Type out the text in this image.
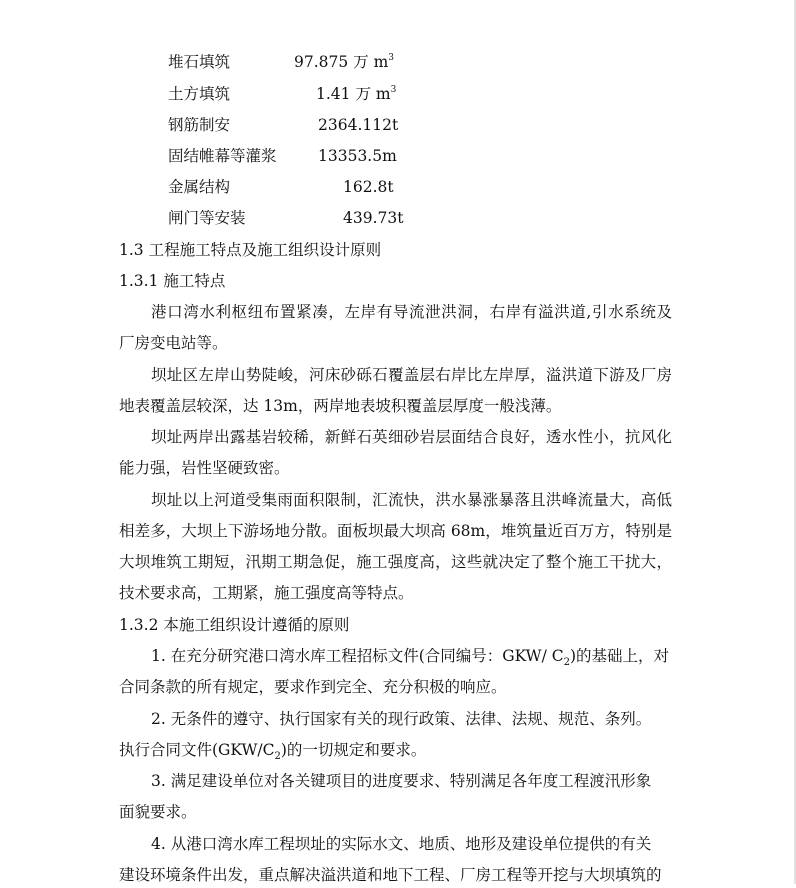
堆石填筑	97.875 万 $m^3$
土方填筑	1.41 万 $m^3$
钢筋制安	2364.112t
固结帷幕等灌浆	13353.5m
金属结构	162.8t
闸门等安装	439.73t
1.3 工程施工特点及施工组织设计原则
1.3.1 施工特点
港口湾水利枢纽布置紧凑，左岸有导流泄洪洞，右岸有溢洪道,引水系统及
厂房变电站等。
坝址区左岸山势陡峻，河床砂砾石覆盖层右岸比左岸厚，溢洪道下游及厂房
地表覆盖层较深，达 13m，两岸地表坡积覆盖层厚度一般浅薄。
坝址两岸出露基岩较稀，新鲜石英细砂岩层面结合良好，透水性小，抗风化
能力强，岩性坚硬致密。
坝址以上河道受集雨面积限制，汇流快，洪水暴涨暴落且洪峰流量大，高低
相差多，大坝上下游场地分散。面板坝最大坝高 68m，堆筑量近百万方，特别是
大坝堆筑工期短，汛期工期急促，施工强度高，这些就决定了整个施工干扰大，
技术要求高，工期紧，施工强度高等特点。
1.3.2 本施工组织设计遵循的原则
1. 在充分研究港口湾水库工程招标文件(合同编号：GKW/ $C_2$)的基础上，对
合同条款的所有规定，要求作到完全、充分积极的响应。
2. 无条件的遵守、执行国家有关的现行政策、法律、法规、规范、条列。
执行合同文件$(GKW/C_2)$的一切规定和要求。
3. 满足建设单位对各关键项目的进度要求、特别满足各年度工程渡汛形象
面貌要求。
4. 从港口湾水库工程坝址的实际水文、地质、地形及建设单位提供的有关
建设环境条件出发，重点解决溢洪道和地下工程、厂房工程等开挖与大坝填筑的
